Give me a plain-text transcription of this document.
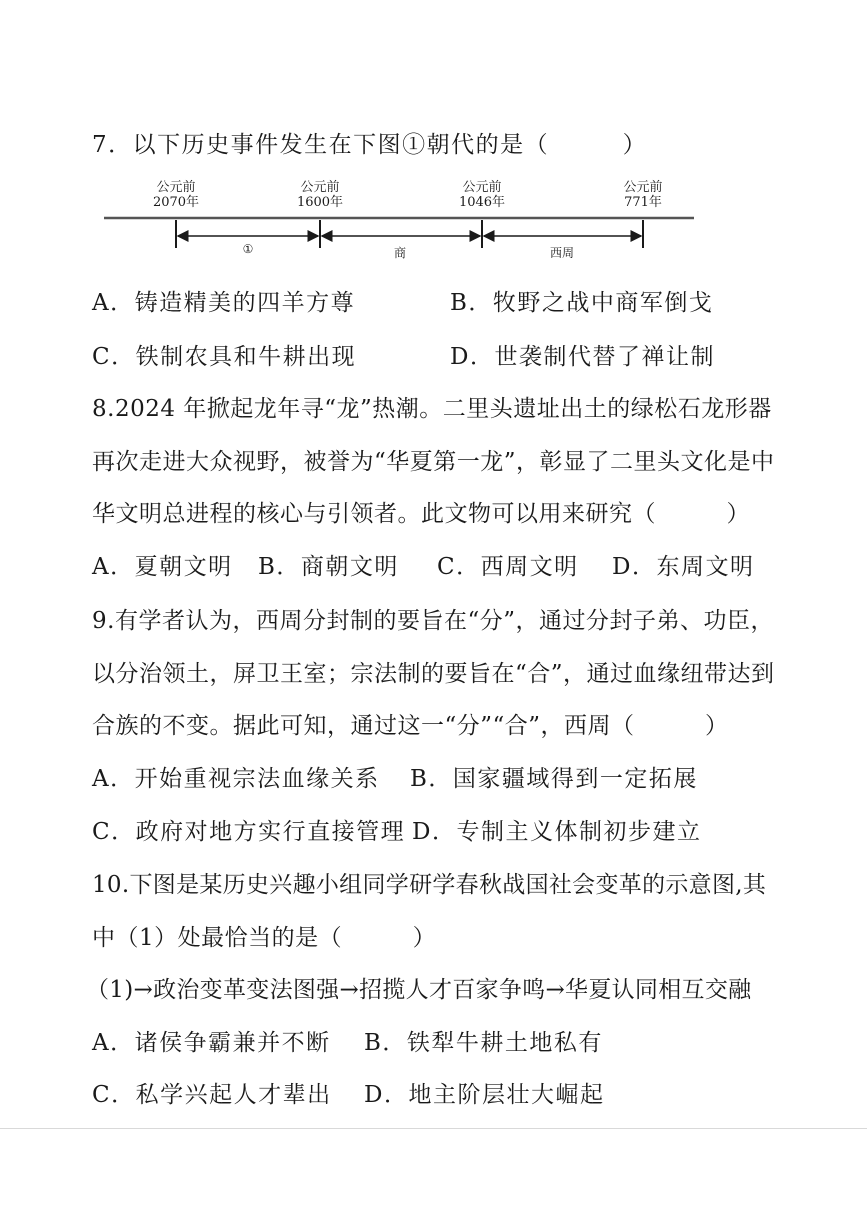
7．以下历史事件发生在下图①朝代的是（　　　）
公元前
2070年
公元前
1600年
公元前
1046年
公元前
771年
①	商	西周
A．铸造精美的四羊方尊	B．牧野之战中商军倒戈
C．铁制农具和牛耕出现	D．世袭制代替了禅让制
8.2024 年掀起龙年寻“龙”热潮。二里头遗址出土的绿松石龙形器
再次走进大众视野，被誉为“华夏第一龙”，彰显了二里头文化是中
华文明总进程的核心与引领者。此文物可以用来研究（　　　）
A．夏朝文明 B．商朝文明 C．西周文明 D．东周文明
9.有学者认为，西周分封制的要旨在“分”，通过分封子弟、功臣，
以分治领土，屏卫王室；宗法制的要旨在“合”，通过血缘纽带达到
合族的不变。据此可知，通过这一“分”“合”，西周（　　　）
A．开始重视宗法血缘关系 B．国家疆域得到一定拓展
C．政府对地方实行直接管理 D．专制主义体制初步建立
10.下图是某历史兴趣小组同学研学春秋战国社会变革的示意图,其
中（1）处最恰当的是（　　　）
（1)→政治变革变法图强→招揽人才百家争鸣→华夏认同相互交融
A．诸侯争霸兼并不断 B．铁犁牛耕土地私有
C．私学兴起人才辈出 D．地主阶层壮大崛起
